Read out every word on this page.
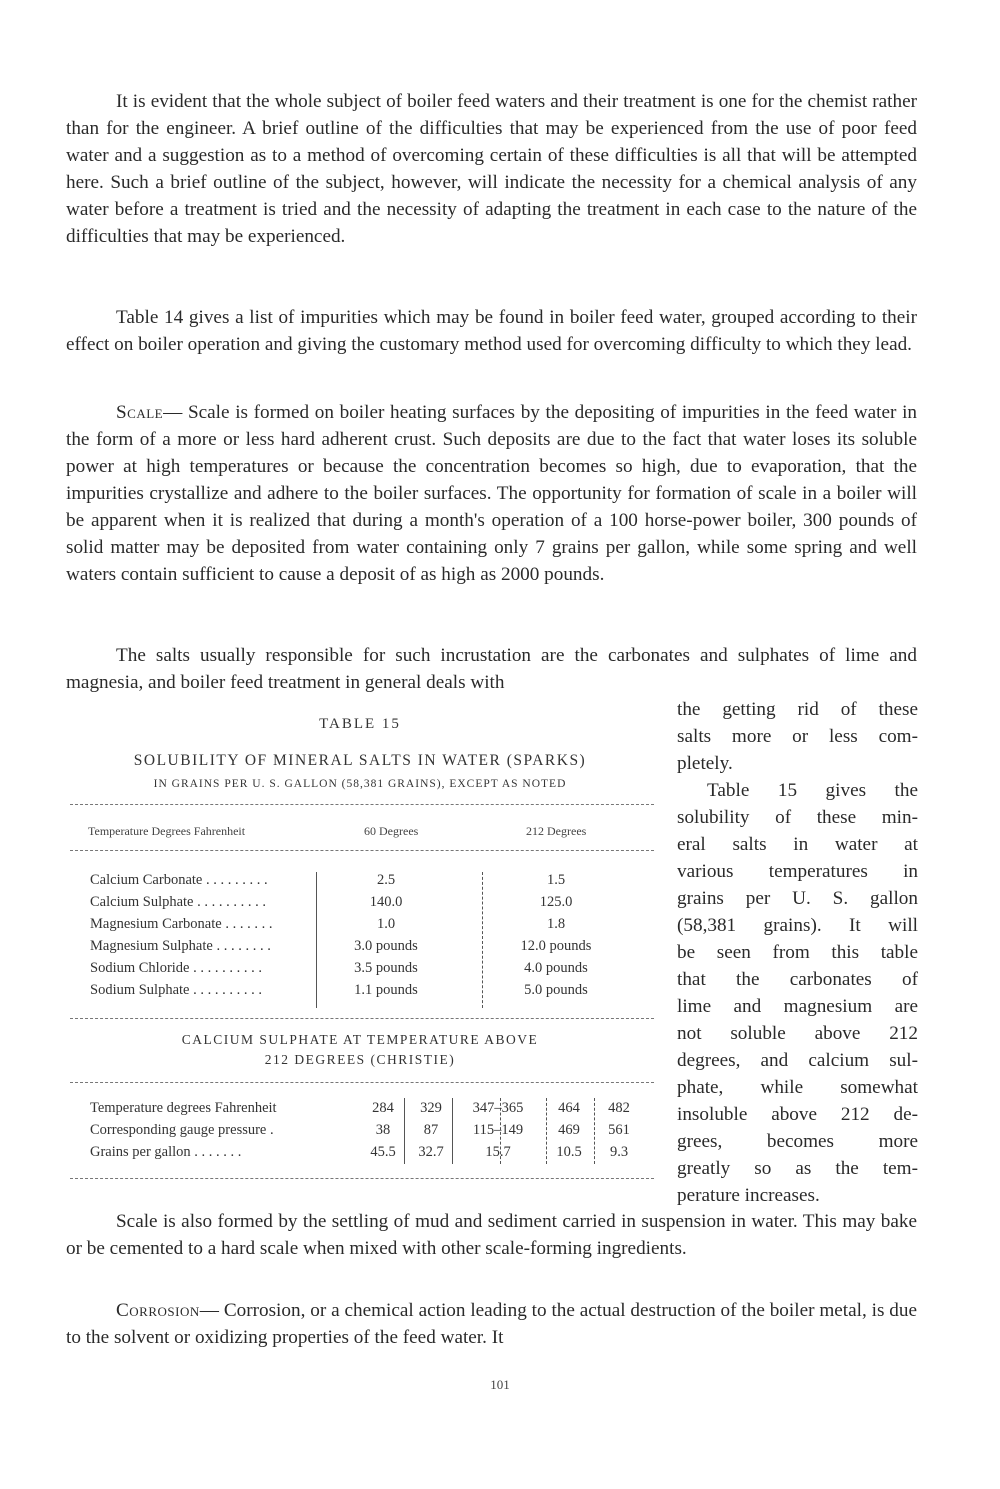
It is evident that the whole subject of boiler feed waters and their treatment is one for the chemist rather than for the engineer. A brief outline of the difficulties that may be experienced from the use of poor feed water and a suggestion as to a method of overcoming certain of these difficulties is all that will be attempted here. Such a brief outline of the subject, however, will indicate the necessity for a chemical analysis of any water before a treatment is tried and the necessity of adapting the treatment in each case to the nature of the difficulties that may be experienced.

Table 14 gives a list of impurities which may be found in boiler feed water, grouped according to their effect on boiler operation and giving the customary method used for overcoming difficulty to which they lead.

Scale— Scale is formed on boiler heating surfaces by the depositing of impurities in the feed water in the form of a more or less hard adherent crust. Such deposits are due to the fact that water loses its soluble power at high temperatures or because the concentration becomes so high, due to evaporation, that the impurities crystallize and adhere to the boiler surfaces. The opportunity for formation of scale in a boiler will be apparent when it is realized that during a month's operation of a 100 horse-power boiler, 300 pounds of solid matter may be deposited from water containing only 7 grains per gallon, while some spring and well waters contain sufficient to cause a deposit of as high as 2000 pounds.

The salts usually responsible for such incrustation are the carbonates and sulphates of lime and magnesia, and boiler feed treatment in general deals with

the getting rid of these
salts more or less com-
pletely.
Table 15 gives the
solubility of these min-
eral salts in water at
various temperatures in
grains per U. S. gallon
(58,381 grains). It will
be seen from this table
that the carbonates of
lime and magnesium are
not soluble above 212
degrees, and calcium sul-
phate, while somewhat
insoluble above 212 de-
grees, becomes more
greatly so as the tem-
perature increases.
TABLE 15
SOLUBILITY OF MINERAL SALTS IN WATER (SPARKS)
IN GRAINS PER U. S. GALLON (58,381 GRAINS), EXCEPT AS NOTED
Temperature Degrees Fahrenheit	60 Degrees	212 Degrees
Calcium Carbonate . . . . . . . . .	2.5	1.5
Calcium Sulphate . . . . . . . . . .	140.0	125.0
Magnesium Carbonate . . . . . . .	1.0	1.8
Magnesium Sulphate . . . . . . . .	3.0 pounds	12.0 pounds
Sodium Chloride . . . . . . . . . .	3.5 pounds	4.0 pounds
Sodium Sulphate . . . . . . . . . .	1.1 pounds	5.0 pounds
CALCIUM SULPHATE AT TEMPERATURE ABOVE
212 DEGREES (CHRISTIE)
Temperature degrees Fahrenheit	284	329	347–365	464	482
Corresponding gauge pressure .	38	87	115–149	469	561
Grains per gallon . . . . . . .	45.5	32.7	15.7	10.5	9.3

Scale is also formed by the settling of mud and sediment carried in suspension in water. This may bake or be cemented to a hard scale when mixed with other scale-forming ingredients.

Corrosion— Corrosion, or a chemical action leading to the actual destruction of the boiler metal, is due to the solvent or oxidizing properties of the feed water. It

101
